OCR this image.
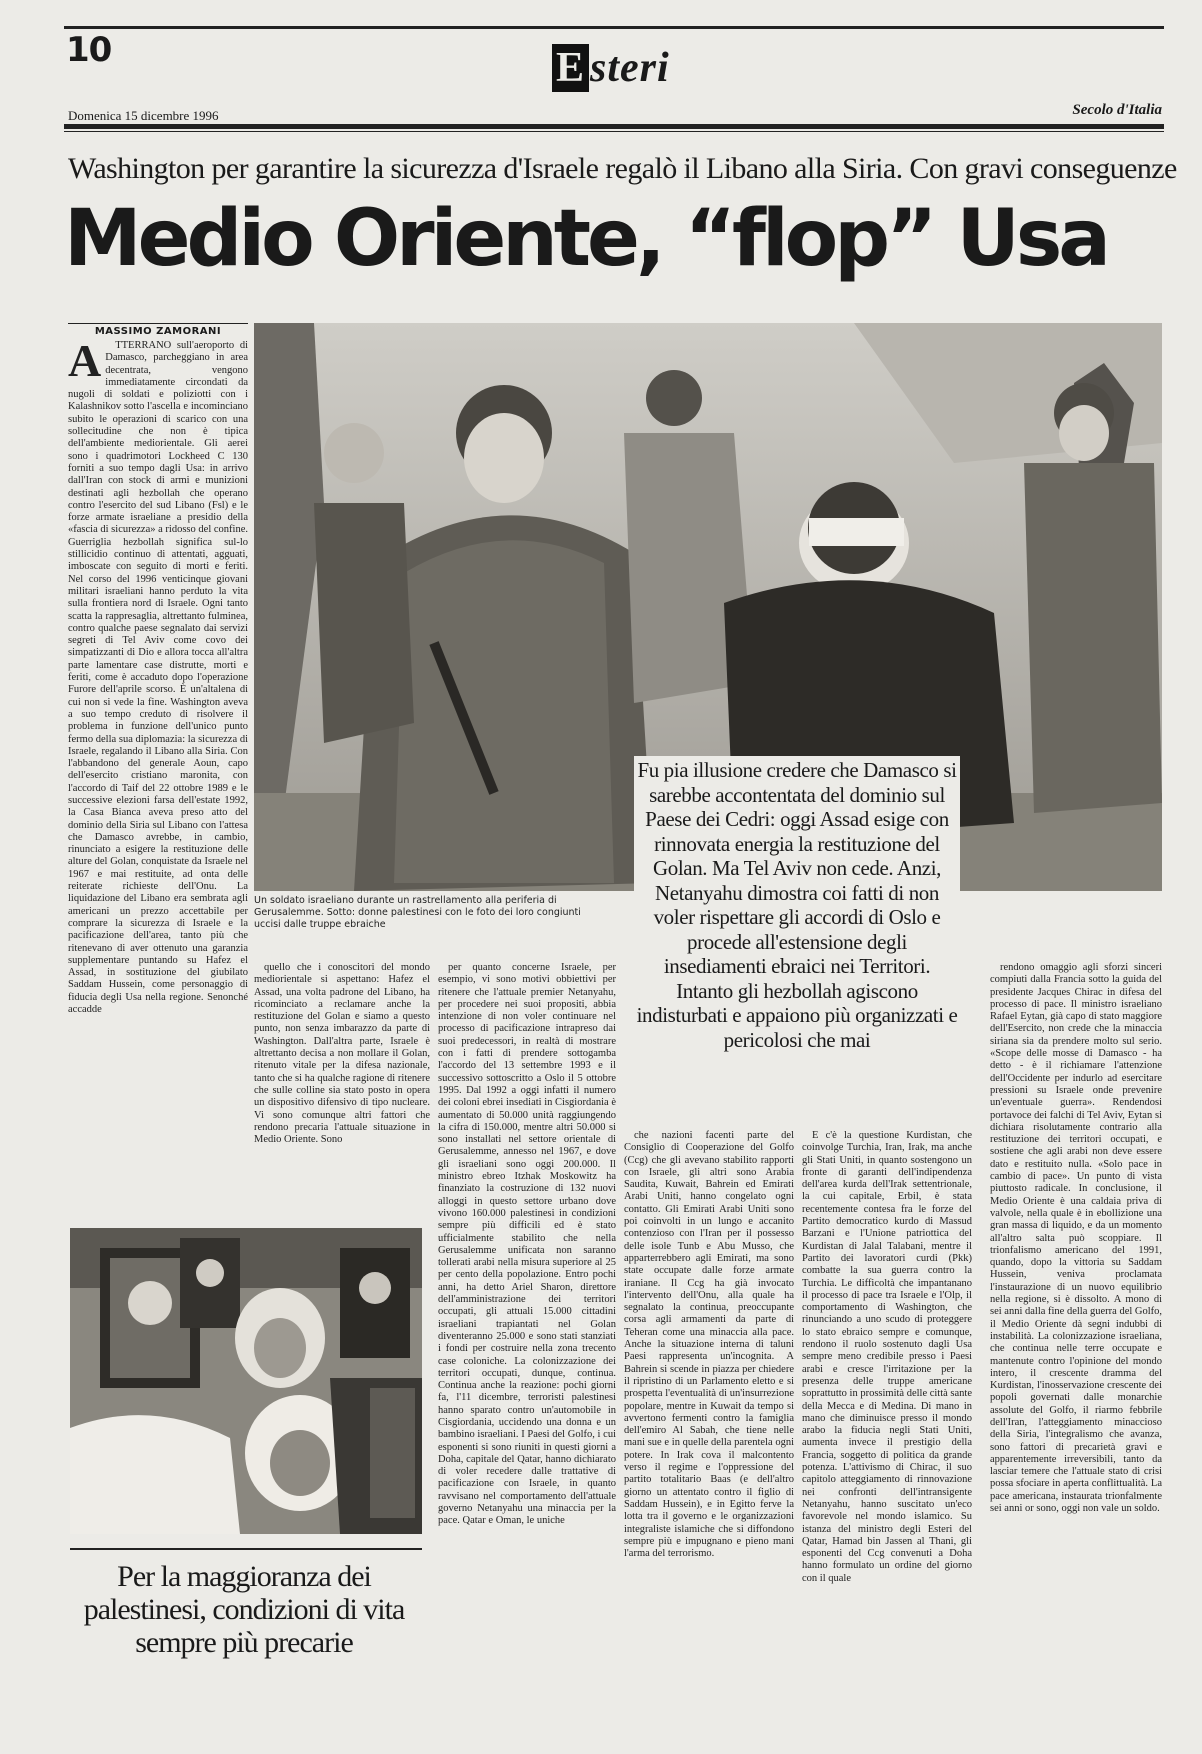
10	E steri
Domenica 15 dicembre 1996	Secolo d'Italia
Washington per garantire la sicurezza d'Israele regalò il Libano alla Siria. Con gravi conseguenze
Medio Oriente, “flop” Usa
MASSIMO ZAMORANI
A	TTERRANO sull'aeroporto di Damasco, parcheggiano in area decentrata, vengono immediatamente circondati da nugoli di soldati e poliziotti con i Kalashnikov sotto l'ascella e incominciano subito le operazioni di scarico con una sollecitudine che non è tipica dell'ambiente mediorientale. Gli aerei sono i quadrimotori Lockheed C 130 forniti a suo tempo dagli Usa: in arrivo dall'Iran con stock di armi e munizioni destinati agli hezbollah che operano contro l'esercito del sud Libano (Fsl) e le forze armate israeliane a presidio della «fascia di sicurezza» a ridosso del confine. Guerriglia hezbollah significa sul-lo stillicidio continuo di attentati, agguati, imboscate con seguito di morti e feriti. Nel corso del 1996 venticinque giovani militari israeliani hanno perduto la vita sulla frontiera nord di Israele. Ogni tanto scatta la rappresaglia, altrettanto fulminea, contro qualche paese segnalato dai servizi segreti di Tel Aviv come covo dei simpatizzanti di Dio e allora tocca all'altra parte lamentare case distrutte, morti e feriti, come è accaduto dopo l'operazione Furore dell'aprile scorso. È un'altalena di cui non si vede la fine. Washington aveva a suo tempo creduto di risolvere il problema in funzione dell'unico punto fermo della sua diplomazia: la sicurezza di Israele, regalando il Libano alla Siria. Con l'abbandono del generale Aoun, capo dell'esercito cristiano maronita, con l'accordo di Taif del 22 ottobre 1989 e le successive elezioni farsa dell'estate 1992, la Casa Bianca aveva preso atto del dominio della Siria sul Libano con l'attesa che Damasco avrebbe, in cambio, rinunciato a esigere la restituzione delle alture del Golan, conquistate da Israele nel 1967 e mai restituite, ad onta delle reiterate richieste dell'Onu. La liquidazione del Libano era sembrata agli americani un prezzo accettabile per comprare la sicurezza di Israele e la pacificazione dell'area, tanto più che ritenevano di aver ottenuto una garanzia supplementare puntando su Hafez el Assad, in sostituzione del giubilato Saddam Hussein, come personaggio di fiducia degli Usa nella regione. Senonché accadde

Un soldato israeliano durante un rastrellamento alla periferia di Gerusalemme. Sotto: donne palestinesi con le foto dei loro congiunti uccisi dalle truppe ebraiche
Fu pia illusione credere che Damasco si sarebbe accontentata del dominio sul Paese dei Cedri: oggi Assad esige con rinnovata energia la restituzione del Golan. Ma Tel Aviv non cede. Anzi, Netanyahu dimostra coi fatti di non voler rispettare gli accordi di Oslo e procede all'estensione degli insediamenti ebraici nei Territori. Intanto gli hezbollah agiscono indisturbati e appaiono più organizzati e pericolosi che mai

quello che i conoscitori del mondo mediorientale si aspettano: Hafez el Assad, una volta padrone del Libano, ha ricominciato a reclamare anche la restituzione del Golan e siamo a questo punto, non senza imbarazzo da parte di Washington. Dall'altra parte, Israele è altrettanto decisa a non mollare il Golan, ritenuto vitale per la difesa nazionale, tanto che si ha qualche ragione di ritenere che sulle colline sia stato posto in opera un dispositivo difensivo di tipo nucleare. Vi sono comunque altri fattori che rendono precaria l'attuale situazione in Medio Oriente. Sono

per quanto concerne Israele, per esempio, vi sono motivi obbiettivi per ritenere che l'attuale premier Netanyahu, per procedere nei suoi propositi, abbia intenzione di non voler continuare nel processo di pacificazione intrapreso dai suoi predecessori, in realtà di mostrare con i fatti di prendere sottogamba l'accordo del 13 settembre 1993 e il successivo sottoscritto a Oslo il 5 ottobre 1995. Dal 1992 a oggi infatti il numero dei coloni ebrei insediati in Cisgiordania è aumentato di 50.000 unità raggiungendo la cifra di 150.000, mentre altri 50.000 si sono installati nel settore orientale di Gerusalemme, annesso nel 1967, e dove gli israeliani sono oggi 200.000. Il ministro ebreo Itzhak Moskowitz ha finanziato la costruzione di 132 nuovi alloggi in questo settore urbano dove vivono 160.000 palestinesi in condizioni sempre più difficili ed è stato ufficialmente stabilito che nella Gerusalemme unificata non saranno tollerati arabi nella misura superiore al 25 per cento della popolazione. Entro pochi anni, ha detto Ariel Sharon, direttore dell'amministrazione dei territori occupati, gli attuali 15.000 cittadini israeliani trapiantati nel Golan diventeranno 25.000 e sono stati stanziati i fondi per costruire nella zona trecento case coloniche. La colonizzazione dei territori occupati, dunque, continua. Continua anche la reazione: pochi giorni fa, l'11 dicembre, terroristi palestinesi hanno sparato contro un'automobile in Cisgiordania, uccidendo una donna e un bambino israeliani. I Paesi del Golfo, i cui esponenti si sono riuniti in questi giorni a Doha, capitale del Qatar, hanno dichiarato di voler recedere dalle trattative di pacificazione con Israele, in quanto ravvisano nel comportamento dell'attuale governo Netanyahu una minaccia per la pace. Qatar e Oman, le uniche

che nazioni facenti parte del Consiglio di Cooperazione del Golfo (Ccg) che gli avevano stabilito rapporti con Israele, gli altri sono Arabia Saudita, Kuwait, Bahrein ed Emirati Arabi Uniti, hanno congelato ogni contatto. Gli Emirati Arabi Uniti sono poi coinvolti in un lungo e accanito contenzioso con l'Iran per il possesso delle isole Tunb e Abu Musso, che apparterrebbero agli Emirati, ma sono state occupate dalle forze armate iraniane. Il Ccg ha già invocato l'intervento dell'Onu, alla quale ha segnalato la continua, preoccupante corsa agli armamenti da parte di Teheran come una minaccia alla pace. Anche la situazione interna di taluni Paesi rappresenta un'incognita. A Bahrein si scende in piazza per chiedere il ripristino di un Parlamento eletto e si prospetta l'eventualità di un'insurrezione popolare, mentre in Kuwait da tempo si avvertono fermenti contro la famiglia dell'emiro Al Sabah, che tiene nelle mani sue e in quelle della parentela ogni potere. In Irak cova il malcontento verso il regime e l'oppressione del partito totalitario Baas (e dell'altro giorno un attentato contro il figlio di Saddam Hussein), e in Egitto ferve la lotta tra il governo e le organizzazioni integraliste islamiche che si diffondono sempre più e impugnano e pieno mani l'arma del terrorismo.

E c'è la questione Kurdistan, che coinvolge Turchia, Iran, Irak, ma anche gli Stati Uniti, in quanto sostengono un fronte di garanti dell'indipendenza dell'area kurda dell'Irak settentrionale, la cui capitale, Erbil, è stata recentemente contesa fra le forze del Partito democratico kurdo di Massud Barzani e l'Unione patriottica del Kurdistan di Jalal Talabani, mentre il Partito dei lavoratori curdi (Pkk) combatte la sua guerra contro la Turchia. Le difficoltà che impantanano il processo di pace tra Israele e l'Olp, il comportamento di Washington, che rinunciando a uno scudo di proteggere lo stato ebraico sempre e comunque, rendono il ruolo sostenuto dagli Usa sempre meno credibile presso i Paesi arabi e cresce l'irritazione per la presenza delle truppe americane soprattutto in prossimità delle città sante della Mecca e di Medina. Di mano in mano che diminuisce presso il mondo arabo la fiducia negli Stati Uniti, aumenta invece il prestigio della Francia, soggetto di politica da grande potenza. L'attivismo di Chirac, il suo capitolo atteggiamento di rinnovazione nei confronti dell'intransigente Netanyahu, hanno suscitato un'eco favorevole nel mondo islamico. Su istanza del ministro degli Esteri del Qatar, Hamad bin Jassen al Thani, gli esponenti del Ccg convenuti a Doha hanno formulato un ordine del giorno con il quale

rendono omaggio agli sforzi sinceri compiuti dalla Francia sotto la guida del presidente Jacques Chirac in difesa del processo di pace. Il ministro israeliano Rafael Eytan, già capo di stato maggiore dell'Esercito, non crede che la minaccia siriana sia da prendere molto sul serio. «Scope delle mosse di Damasco - ha detto - è il richiamare l'attenzione dell'Occidente per indurlo ad esercitare pressioni su Israele onde prevenire un'eventuale guerra». Rendendosi portavoce dei falchi di Tel Aviv, Eytan si dichiara risolutamente contrario alla restituzione dei territori occupati, e sostiene che agli arabi non deve essere dato e restituito nulla. «Solo pace in cambio di pace». Un punto di vista piuttosto radicale. In conclusione, il Medio Oriente è una caldaia priva di valvole, nella quale è in ebollizione una gran massa di liquido, e da un momento all'altro salta può scoppiare. Il trionfalismo americano del 1991, quando, dopo la vittoria su Saddam Hussein, veniva proclamata l'instaurazione di un nuovo equilibrio nella regione, si è dissolto. A mono di sei anni dalla fine della guerra del Golfo, il Medio Oriente dà segni indubbi di instabilità. La colonizzazione israeliana, che continua nelle terre occupate e mantenute contro l'opinione del mondo intero, il crescente dramma del Kurdistan, l'inosservazione crescente dei popoli governati dalle monarchie assolute del Golfo, il riarmo febbrile dell'Iran, l'atteggiamento minaccioso della Siria, l'integralismo che avanza, sono fattori di precarietà gravi e apparentemente irreversibili, tanto da lasciar temere che l'attuale stato di crisi possa sfociare in aperta conflittualità. La pace americana, instaurata trionfalmente sei anni or sono, oggi non vale un soldo.

Per la maggioranza dei palestinesi, condizioni di vita sempre più precarie
